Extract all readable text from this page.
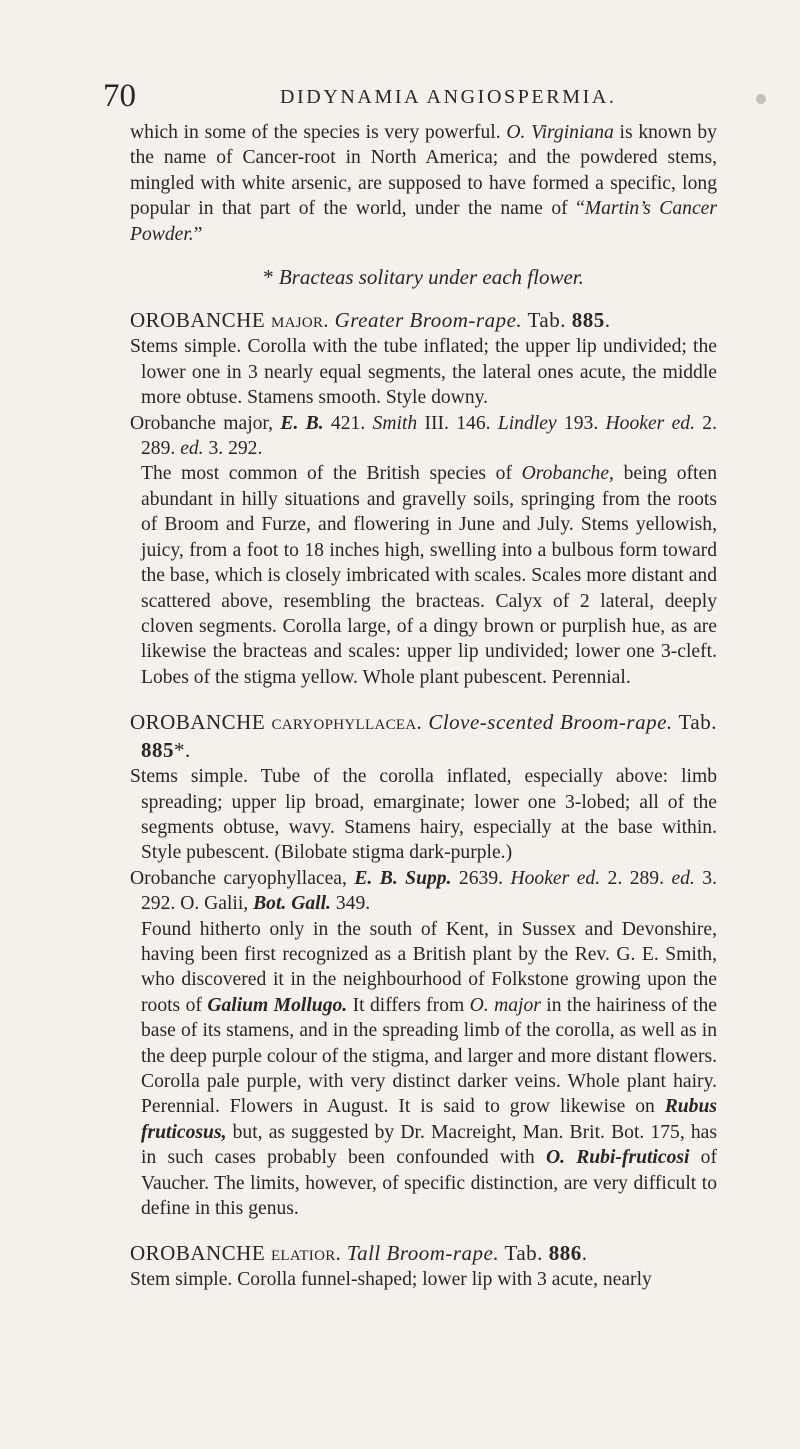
70	DIDYNAMIA ANGIOSPERMIA.

which in some of the species is very powerful. O. Virginiana is known by the name of Cancer-root in North America; and the powdered stems, mingled with white arsenic, are supposed to have formed a specific, long popular in that part of the world, under the name of “Martin’s Cancer Powder.”

* Bracteas solitary under each flower.

OROBANCHE major. Greater Broom-rape. Tab. 885.

Stems simple. Corolla with the tube inflated; the upper lip undivided; the lower one in 3 nearly equal segments, the lateral ones acute, the middle more obtuse. Stamens smooth. Style downy.

Orobanche major, E. B. 421. Smith III. 146. Lindley 193. Hooker ed. 2. 289. ed. 3. 292.

The most common of the British species of Orobanche, being often abundant in hilly situations and gravelly soils, springing from the roots of Broom and Furze, and flowering in June and July. Stems yellowish, juicy, from a foot to 18 inches high, swelling into a bulbous form toward the base, which is closely imbricated with scales. Scales more distant and scattered above, resembling the bracteas. Calyx of 2 lateral, deeply cloven segments. Corolla large, of a dingy brown or purplish hue, as are likewise the bracteas and scales: upper lip undivided; lower one 3-cleft. Lobes of the stigma yellow. Whole plant pubescent. Perennial.

OROBANCHE caryophyllacea. Clove-scented Broom-rape. Tab. 885*.

Stems simple. Tube of the corolla inflated, especially above: limb spreading; upper lip broad, emarginate; lower one 3-lobed; all of the segments obtuse, wavy. Stamens hairy, especially at the base within. Style pubescent. (Bilobate stigma dark-purple.)

Orobanche caryophyllacea, E. B. Supp. 2639. Hooker ed. 2. 289. ed. 3. 292. O. Galii, Bot. Gall. 349.

Found hitherto only in the south of Kent, in Sussex and Devonshire, having been first recognized as a British plant by the Rev. G. E. Smith, who discovered it in the neighbourhood of Folkstone growing upon the roots of Galium Mollugo. It differs from O. major in the hairiness of the base of its stamens, and in the spreading limb of the corolla, as well as in the deep purple colour of the stigma, and larger and more distant flowers. Corolla pale purple, with very distinct darker veins. Whole plant hairy. Perennial. Flowers in August. It is said to grow likewise on Rubus fruticosus, but, as suggested by Dr. Macreight, Man. Brit. Bot. 175, has in such cases probably been confounded with O. Rubi-fruticosi of Vaucher. The limits, however, of specific distinction, are very difficult to define in this genus.

OROBANCHE elatior. Tall Broom-rape. Tab. 886.

Stem simple. Corolla funnel-shaped; lower lip with 3 acute, nearly
